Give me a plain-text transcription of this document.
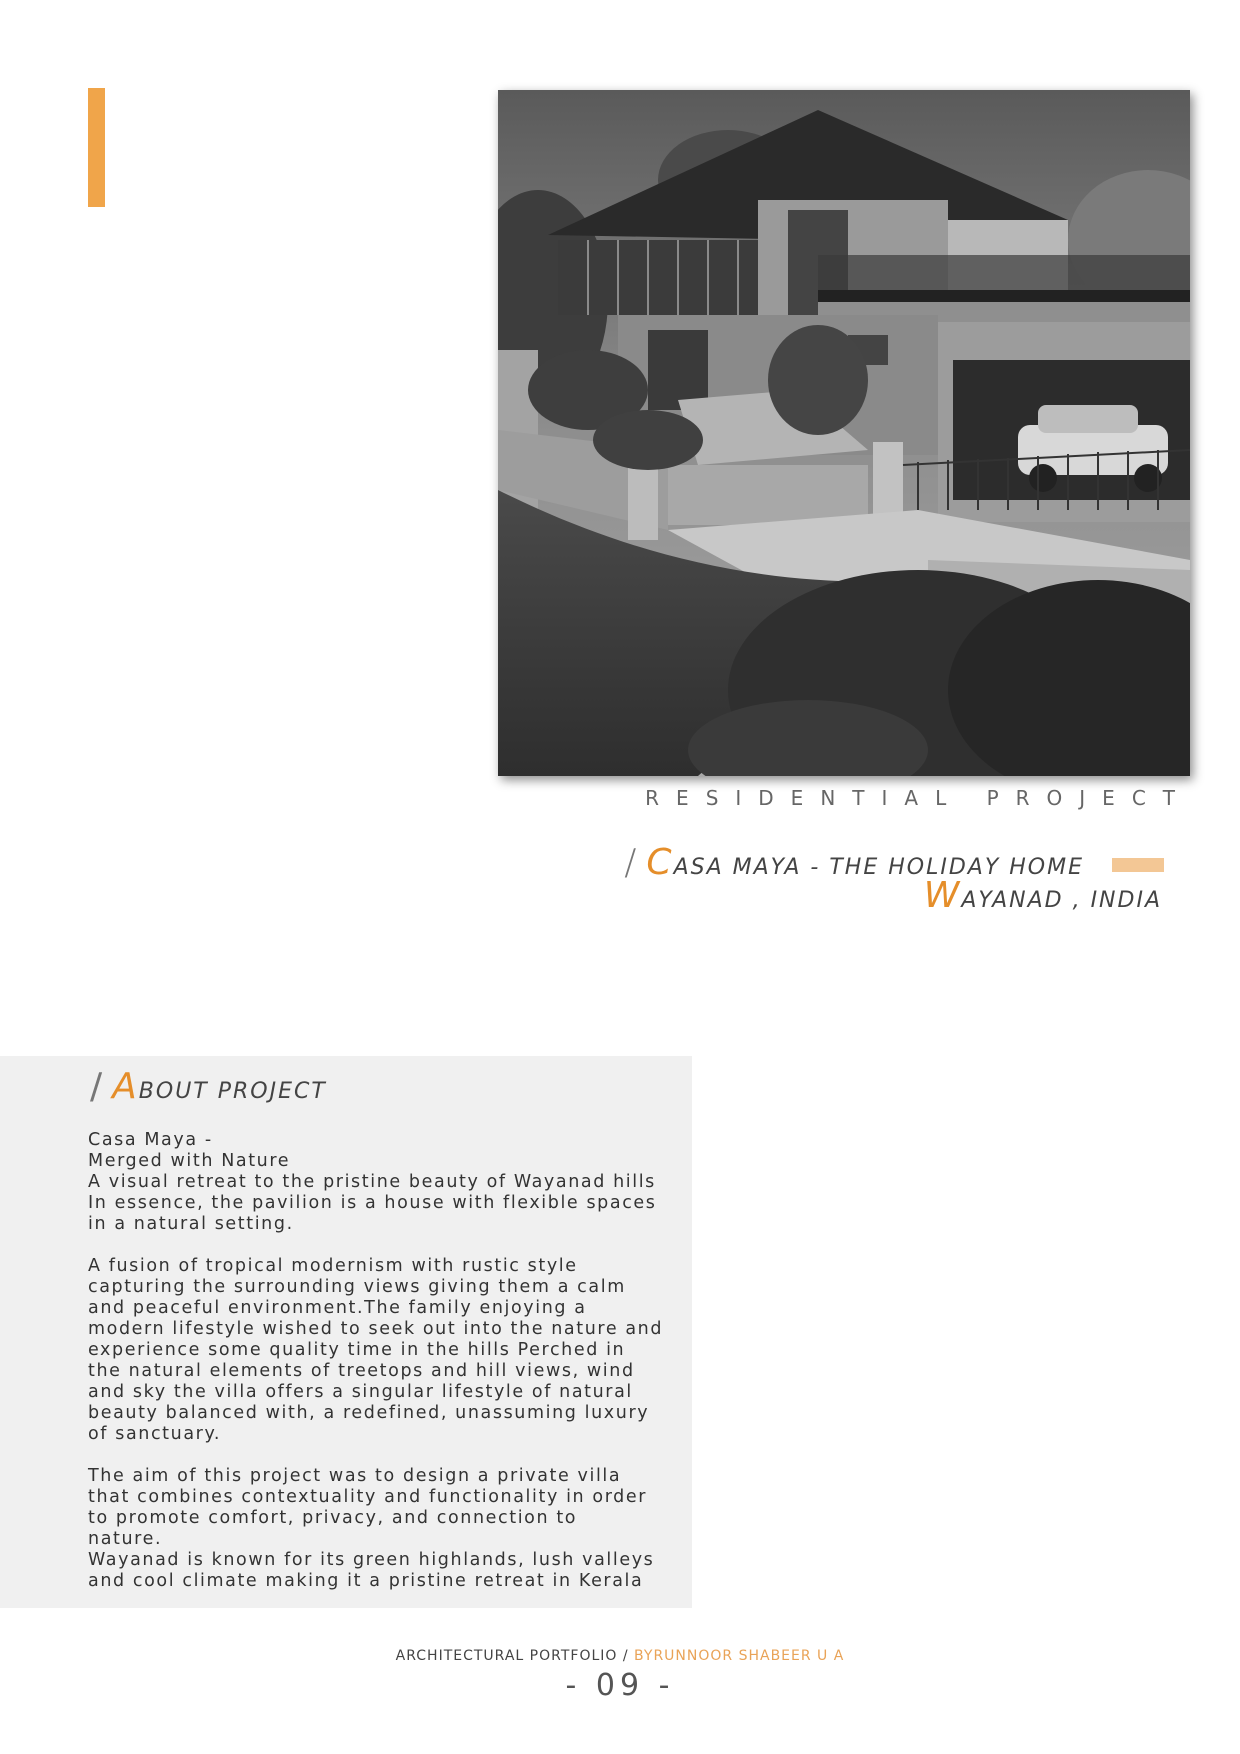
RESIDENTIAL PROJECT
/ CASA MAYA - THE HOLIDAY HOME
WAYANAD , INDIA
/ ABOUT PROJECT

Casa Maya -
Merged with Nature
A visual retreat to the pristine beauty of Wayanad hills
In essence, the pavilion is a house with flexible spaces
in a natural setting.

A fusion of tropical modernism with rustic style
capturing the surrounding views giving them a calm
and peaceful environment.The family enjoying a
modern lifestyle wished to seek out into the nature and
experience some quality time in the hills Perched in
the natural elements of treetops and hill views, wind
and sky the villa offers a singular lifestyle of natural
beauty balanced with, a redefined, unassuming luxury
of sanctuary.

The aim of this project was to design a private villa
that combines contextuality and functionality in order
to promote comfort, privacy, and connection to
nature.
Wayanad is known for its green highlands, lush valleys
and cool climate making it a pristine retreat in Kerala

ARCHITECTURAL PORTFOLIO / BYRUNNOOR SHABEER U A
- 09 -
